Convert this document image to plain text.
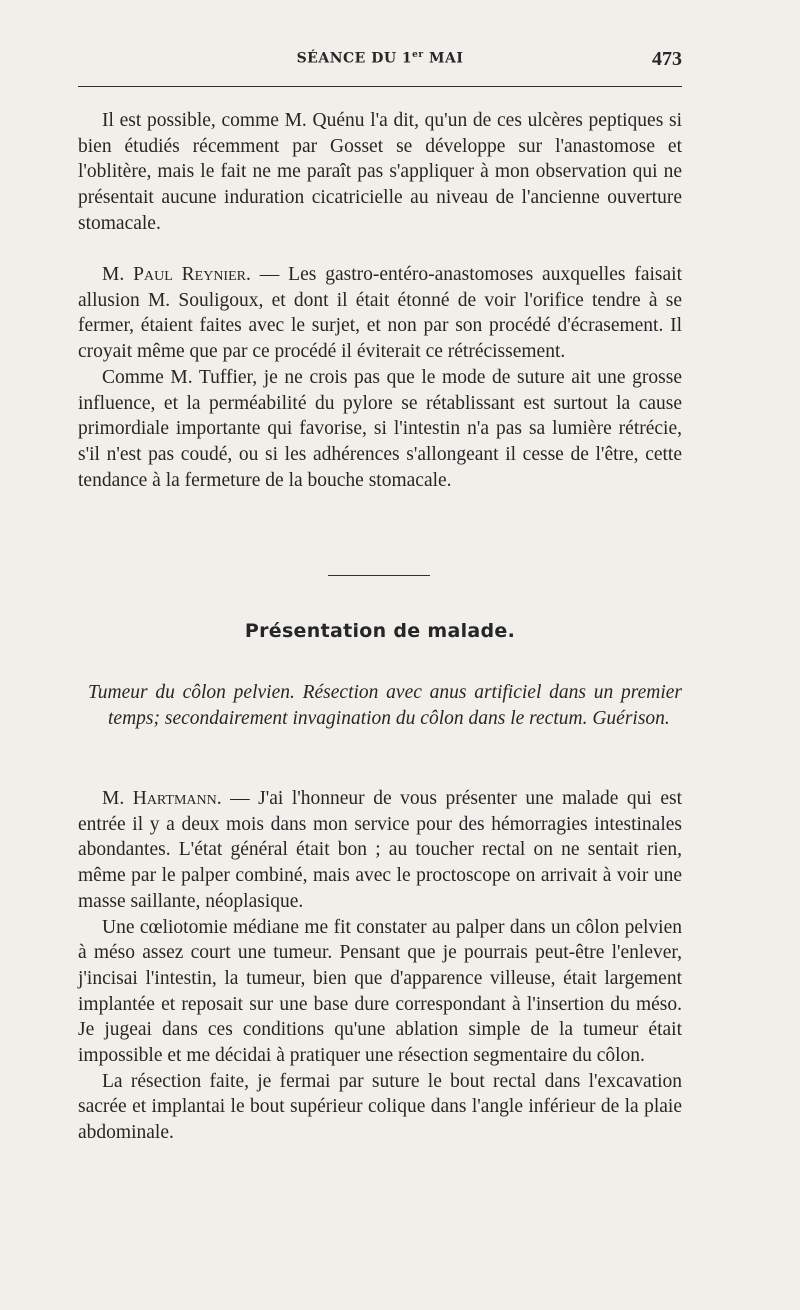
SÉANCE DU 1er MAI	473

Il est possible, comme M. Quénu l'a dit, qu'un de ces ulcères peptiques si bien étudiés récemment par Gosset se développe sur l'anastomose et l'oblitère, mais le fait ne me paraît pas s'appliquer à mon observation qui ne présentait aucune induration cicatricielle au niveau de l'ancienne ouverture stomacale.

M. Paul Reynier. — Les gastro-entéro-anastomoses auxquelles faisait allusion M. Souligoux, et dont il était étonné de voir l'orifice tendre à se fermer, étaient faites avec le surjet, et non par son procédé d'écrasement. Il croyait même que par ce procédé il éviterait ce rétrécissement.

Comme M. Tuffier, je ne crois pas que le mode de suture ait une grosse influence, et la perméabilité du pylore se rétablissant est surtout la cause primordiale importante qui favorise, si l'intestin n'a pas sa lumière rétrécie, s'il n'est pas coudé, ou si les adhérences s'allongeant il cesse de l'être, cette tendance à la fermeture de la bouche stomacale.

Présentation de malade.
Tumeur du côlon pelvien. Résection avec anus artificiel dans un premier temps; secondairement invagination du côlon dans le rectum. Guérison.

M. Hartmann. — J'ai l'honneur de vous présenter une malade qui est entrée il y a deux mois dans mon service pour des hémorragies intestinales abondantes. L'état général était bon ; au toucher rectal on ne sentait rien, même par le palper combiné, mais avec le proctoscope on arrivait à voir une masse saillante, néoplasique.

Une cœliotomie médiane me fit constater au palper dans un côlon pelvien à méso assez court une tumeur. Pensant que je pourrais peut-être l'enlever, j'incisai l'intestin, la tumeur, bien que d'apparence villeuse, était largement implantée et reposait sur une base dure correspondant à l'insertion du méso. Je jugeai dans ces conditions qu'une ablation simple de la tumeur était impossible et me décidai à pratiquer une résection segmentaire du côlon.

La résection faite, je fermai par suture le bout rectal dans l'excavation sacrée et implantai le bout supérieur colique dans l'angle inférieur de la plaie abdominale.
